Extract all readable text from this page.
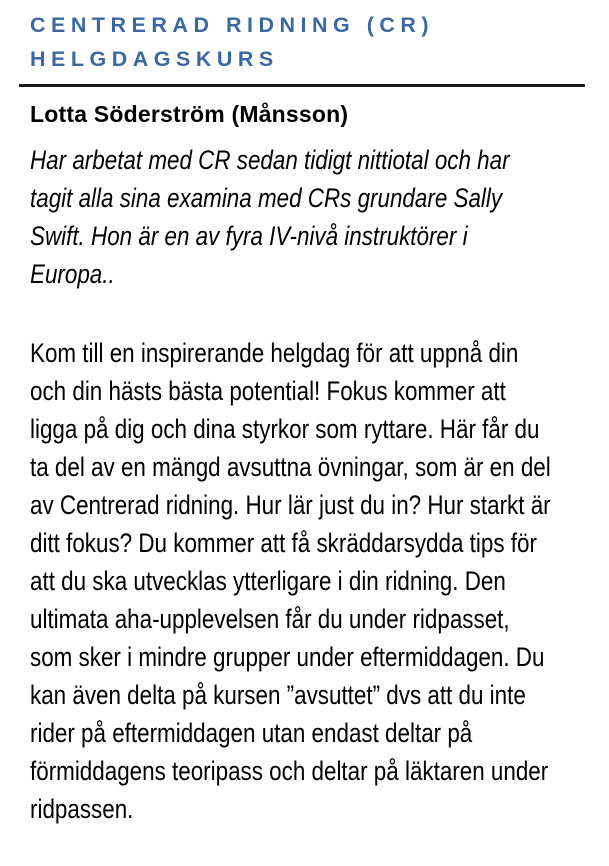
CENTRERAD RIDNING (CR)
HELGDAGSKURS
Lotta Söderström (Månsson)
Har arbetat med CR sedan tidigt nittiotal och har
tagit alla sina examina med CRs grundare Sally
Swift. Hon är en av fyra IV-nivå instruktörer i
Europa..
Kom till en inspirerande helgdag för att uppnå din
och din hästs bästa potential! Fokus kommer att
ligga på dig och dina styrkor som ryttare. Här får du
ta del av en mängd avsuttna övningar, som är en del
av Centrerad ridning. Hur lär just du in? Hur starkt är
ditt fokus? Du kommer att få skräddarsydda tips för
att du ska utvecklas ytterligare i din ridning. Den
ultimata aha-upplevelsen får du under ridpasset,
som sker i mindre grupper under eftermiddagen. Du
kan även delta på kursen ”avsuttet” dvs att du inte
rider på eftermiddagen utan endast deltar på
förmiddagens teoripass och deltar på läktaren under
ridpassen.
